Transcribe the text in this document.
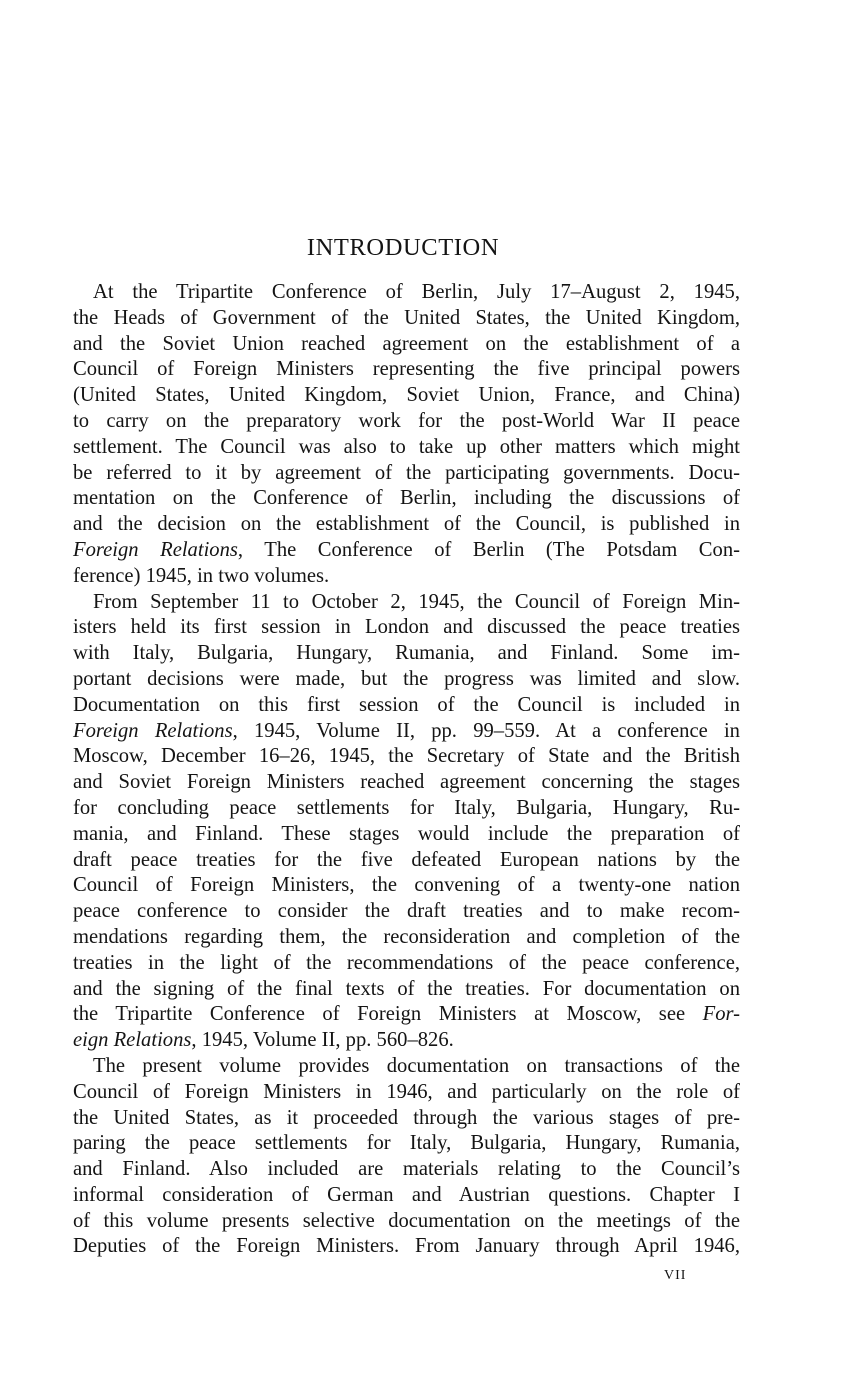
INTRODUCTION
At the Tripartite Conference of Berlin, July 17–August 2, 1945,
the Heads of Government of the United States, the United Kingdom,
and the Soviet Union reached agreement on the establishment of a
Council of Foreign Ministers representing the five principal powers
(United States, United Kingdom, Soviet Union, France, and China)
to carry on the preparatory work for the post-World War II peace
settlement. The Council was also to take up other matters which might
be referred to it by agreement of the participating governments. Docu-
mentation on the Conference of Berlin, including the discussions of
and the decision on the establishment of the Council, is published in
Foreign Relations, The Conference of Berlin (The Potsdam Con-
ference) 1945, in two volumes.
From September 11 to October 2, 1945, the Council of Foreign Min-
isters held its first session in London and discussed the peace treaties
with Italy, Bulgaria, Hungary, Rumania, and Finland. Some im-
portant decisions were made, but the progress was limited and slow.
Documentation on this first session of the Council is included in
Foreign Relations, 1945, Volume II, pp. 99–559. At a conference in
Moscow, December 16–26, 1945, the Secretary of State and the British
and Soviet Foreign Ministers reached agreement concerning the stages
for concluding peace settlements for Italy, Bulgaria, Hungary, Ru-
mania, and Finland. These stages would include the preparation of
draft peace treaties for the five defeated European nations by the
Council of Foreign Ministers, the convening of a twenty-one nation
peace conference to consider the draft treaties and to make recom-
mendations regarding them, the reconsideration and completion of the
treaties in the light of the recommendations of the peace conference,
and the signing of the final texts of the treaties. For documentation on
the Tripartite Conference of Foreign Ministers at Moscow, see For-
eign Relations, 1945, Volume II, pp. 560–826.
The present volume provides documentation on transactions of the
Council of Foreign Ministers in 1946, and particularly on the role of
the United States, as it proceeded through the various stages of pre-
paring the peace settlements for Italy, Bulgaria, Hungary, Rumania,
and Finland. Also included are materials relating to the Council’s
informal consideration of German and Austrian questions. Chapter I
of this volume presents selective documentation on the meetings of the
Deputies of the Foreign Ministers. From January through April 1946,
VII
